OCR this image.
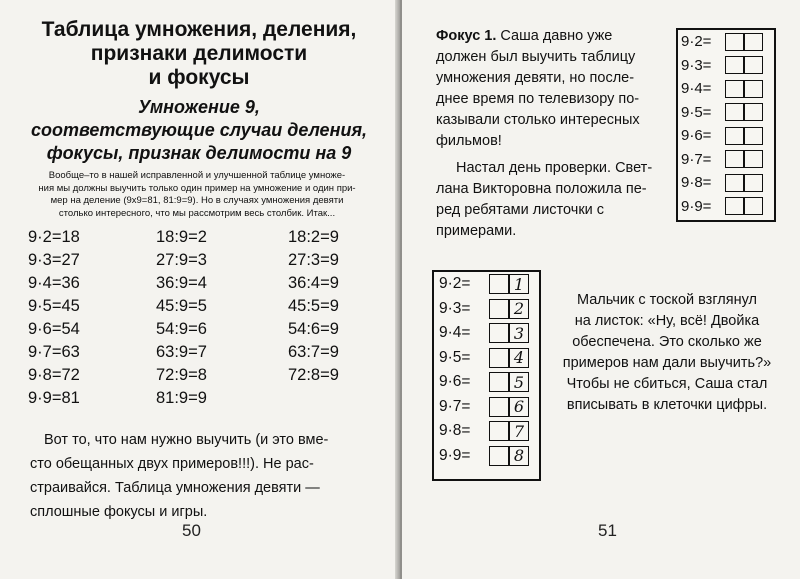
Таблица умножения, деления,
признаки делимости
и фокусы
Умножение 9,
соответствующие случаи деления,
фокусы, признак делимости на 9
Вообще–то в нашей исправленной и улучшенной таблице умноже-
ния мы должны выучить только один пример на умножение и один при-
мер на деление (9х9=81, 81:9=9). Но в случаях умножения девяти
столько интересного, что мы рассмотрим весь столбик. Итак...
9·2=18	18:9=2	18:2=9
9·3=27	27:9=3	27:3=9
9·4=36	36:9=4	36:4=9
9·5=45	45:9=5	45:5=9
9·6=54	54:9=6	54:6=9
9·7=63	63:9=7	63:7=9
9·8=72	72:9=8	72:8=9
9·9=81	81:9=9
Вот то, что нам нужно выучить (и это вме-
сто обещанных двух примеров!!!). Не рас-
страивайся. Таблица умножения девяти —
сплошные фокусы и игры.
50

Фокус 1. Саша давно уже

должен был выучить таблицу

умножения девяти, но после-

днее время по телевизору по-

казывали столько интересных

фильмов!

Настал день проверки. Свет-

лана Викторовна положила пе-

ред ребятами листочки с

примерами.

9·2=
9·3=
9·4=
9·5=
9·6=
9·7=
9·8=
9·9=
9·2=	1
9·3=	2
9·4=	3
9·5=	4
9·6=	5
9·7=	6
9·8=	7
9·9=	8

Мальчик с тоской взглянул

на листок: «Ну, всё! Двойка

обеспечена. Это сколько же

примеров нам дали выучить?»

Чтобы не сбиться, Саша стал

вписывать в клеточки цифры.

51
